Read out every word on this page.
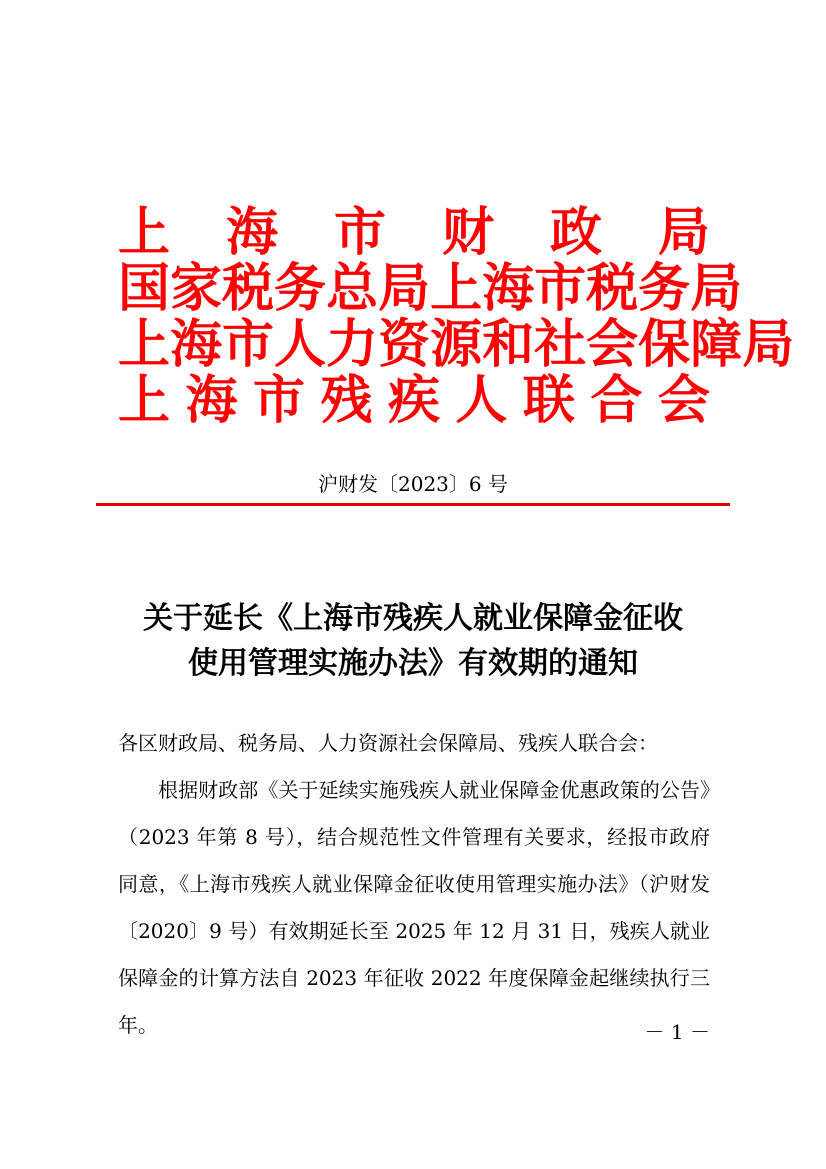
上 海 市 财 政 局
国 家 税 务 总 局 上 海 市 税 务 局
上 海 市 人 力 资 源 和 社 会 保 障 局
上 海 市 残 疾 人 联 合 会
沪财发〔2023〕6 号
关于延长《上海市残疾人就业保障金征收
使用管理实施办法》有效期的通知

各区财政局、税务局、人力资源社会保障局、残疾人联合会：

根据财政部《关于延续实施残疾人就业保障金优惠政策的公告》（2023 年第 8 号），结合规范性文件管理有关要求，经报市政府同意，《上海市残疾人就业保障金征收使用管理实施办法》（沪财发〔2020〕9 号）有效期延长至 2025 年 12 月 31 日，残疾人就业保障金的计算方法自 2023 年征收 2022 年度保障金起继续执行三年。	－ 1 －
